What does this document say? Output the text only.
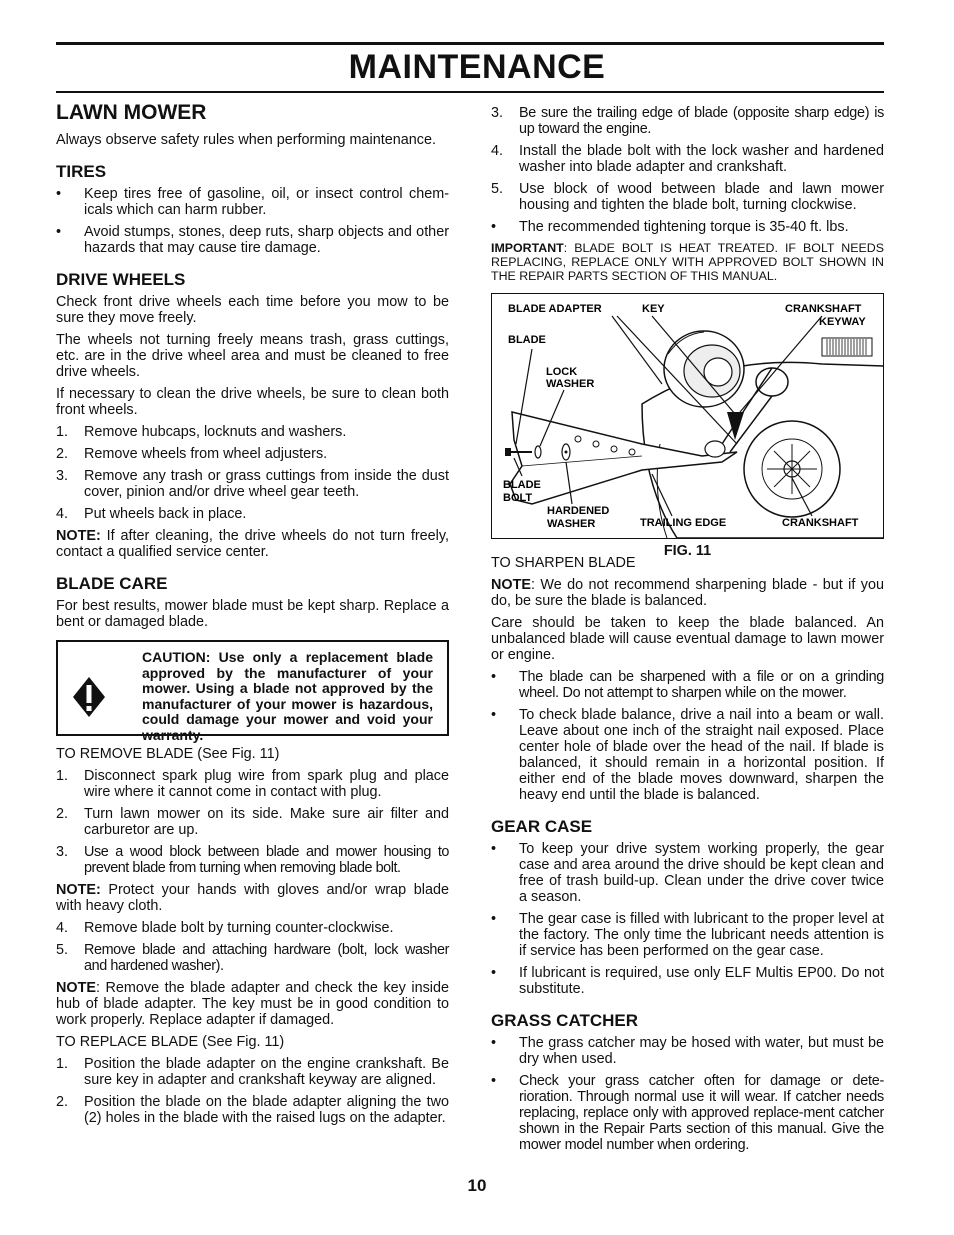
MAINTENANCE
LAWN MOWER

Always observe safety rules when performing maintenance.

TIRES
• Keep tires free of gasoline, oil, or insect control chem-icals which can harm rubber.
• Avoid stumps, stones, deep ruts, sharp objects and other hazards that may cause tire damage.
DRIVE WHEELS

Check front drive wheels each time before you mow to be sure they move freely.

The wheels not turning freely means trash, grass cuttings, etc. are in the drive wheel area and must be cleaned to free drive wheels.

If necessary to clean the drive wheels, be sure to clean both front wheels.

1. Remove hubcaps, locknuts and washers.
2. Remove wheels from wheel adjusters.
3. Remove any trash or grass cuttings from inside the dust cover, pinion and/or drive wheel gear teeth.
4. Put wheels back in place.

NOTE: If after cleaning, the drive wheels do not turn freely, contact a qualified service center.

BLADE CARE

For best results, mower blade must be kept sharp. Replace a bent or damaged blade.

CAUTION: Use only a replacement blade approved by the manufacturer of your mower. Using a blade not approved by the manufacturer of your mower is hazardous, could damage your mower and void your warranty.

TO REMOVE BLADE (See Fig. 11)

1. Disconnect spark plug wire from spark plug and place wire where it cannot come in contact with plug.
2. Turn lawn mower on its side. Make sure air filter and carburetor are up.
3. Use a wood block between blade and mower housing to prevent blade from turning when removing blade bolt.

NOTE: Protect your hands with gloves and/or wrap blade with heavy cloth.

4. Remove blade bolt by turning counter-clockwise.
5. Remove blade and attaching hardware (bolt, lock washer and hardened washer).

NOTE: Remove the blade adapter and check the key inside hub of blade adapter. The key must be in good condition to work properly. Replace adapter if damaged.

TO REPLACE BLADE (See Fig. 11)

1. Position the blade adapter on the engine crankshaft. Be sure key in adapter and crankshaft keyway are aligned.
2. Position the blade on the blade adapter aligning the two (2) holes in the blade with the raised lugs on the adapter.
3. Be sure the trailing edge of blade (opposite sharp edge) is up toward the engine.
4. Install the blade bolt with the lock washer and hardened washer into blade adapter and crankshaft.
5. Use block of wood between blade and lawn mower housing and tighten the blade bolt, turning clockwise.
• The recommended tightening torque is 35-40 ft. lbs.

IMPORTANT: BLADE BOLT IS HEAT TREATED. IF BOLT NEEDS REPLACING, REPLACE ONLY WITH APPROVED BOLT SHOWN IN THE REPAIR PARTS SECTION OF THIS MANUAL.

BLADE ADAPTER	KEY	CRANKSHAFT
KEYWAY
BLADE
LOCK
WASHER
BLADE
BOLT
HARDENED
WASHER	TRAILING EDGE	CRANKSHAFT

FIG. 11

TO SHARPEN BLADE

NOTE: We do not recommend sharpening blade - but if you do, be sure the blade is balanced.

Care should be taken to keep the blade balanced. An unbalanced blade will cause eventual damage to lawn mower or engine.

• The blade can be sharpened with a file or on a grinding wheel. Do not attempt to sharpen while on the mower.
• To check blade balance, drive a nail into a beam or wall. Leave about one inch of the straight nail exposed. Place center hole of blade over the head of the nail. If blade is balanced, it should remain in a horizontal position. If either end of the blade moves downward, sharpen the heavy end until the blade is balanced.
GEAR CASE
• To keep your drive system working properly, the gear case and area around the drive should be kept clean and free of trash build-up. Clean under the drive cover twice a season.
• The gear case is filled with lubricant to the proper level at the factory. The only time the lubricant needs attention is if service has been performed on the gear case.
• If lubricant is required, use only ELF Multis EP00. Do not substitute.
GRASS CATCHER
• The grass catcher may be hosed with water, but must be dry when used.
• Check your grass catcher often for damage or dete-rioration. Through normal use it will wear. If catcher needs replacing, replace only with approved replace-ment catcher shown in the Repair Parts section of this manual. Give the mower model number when ordering.
10
